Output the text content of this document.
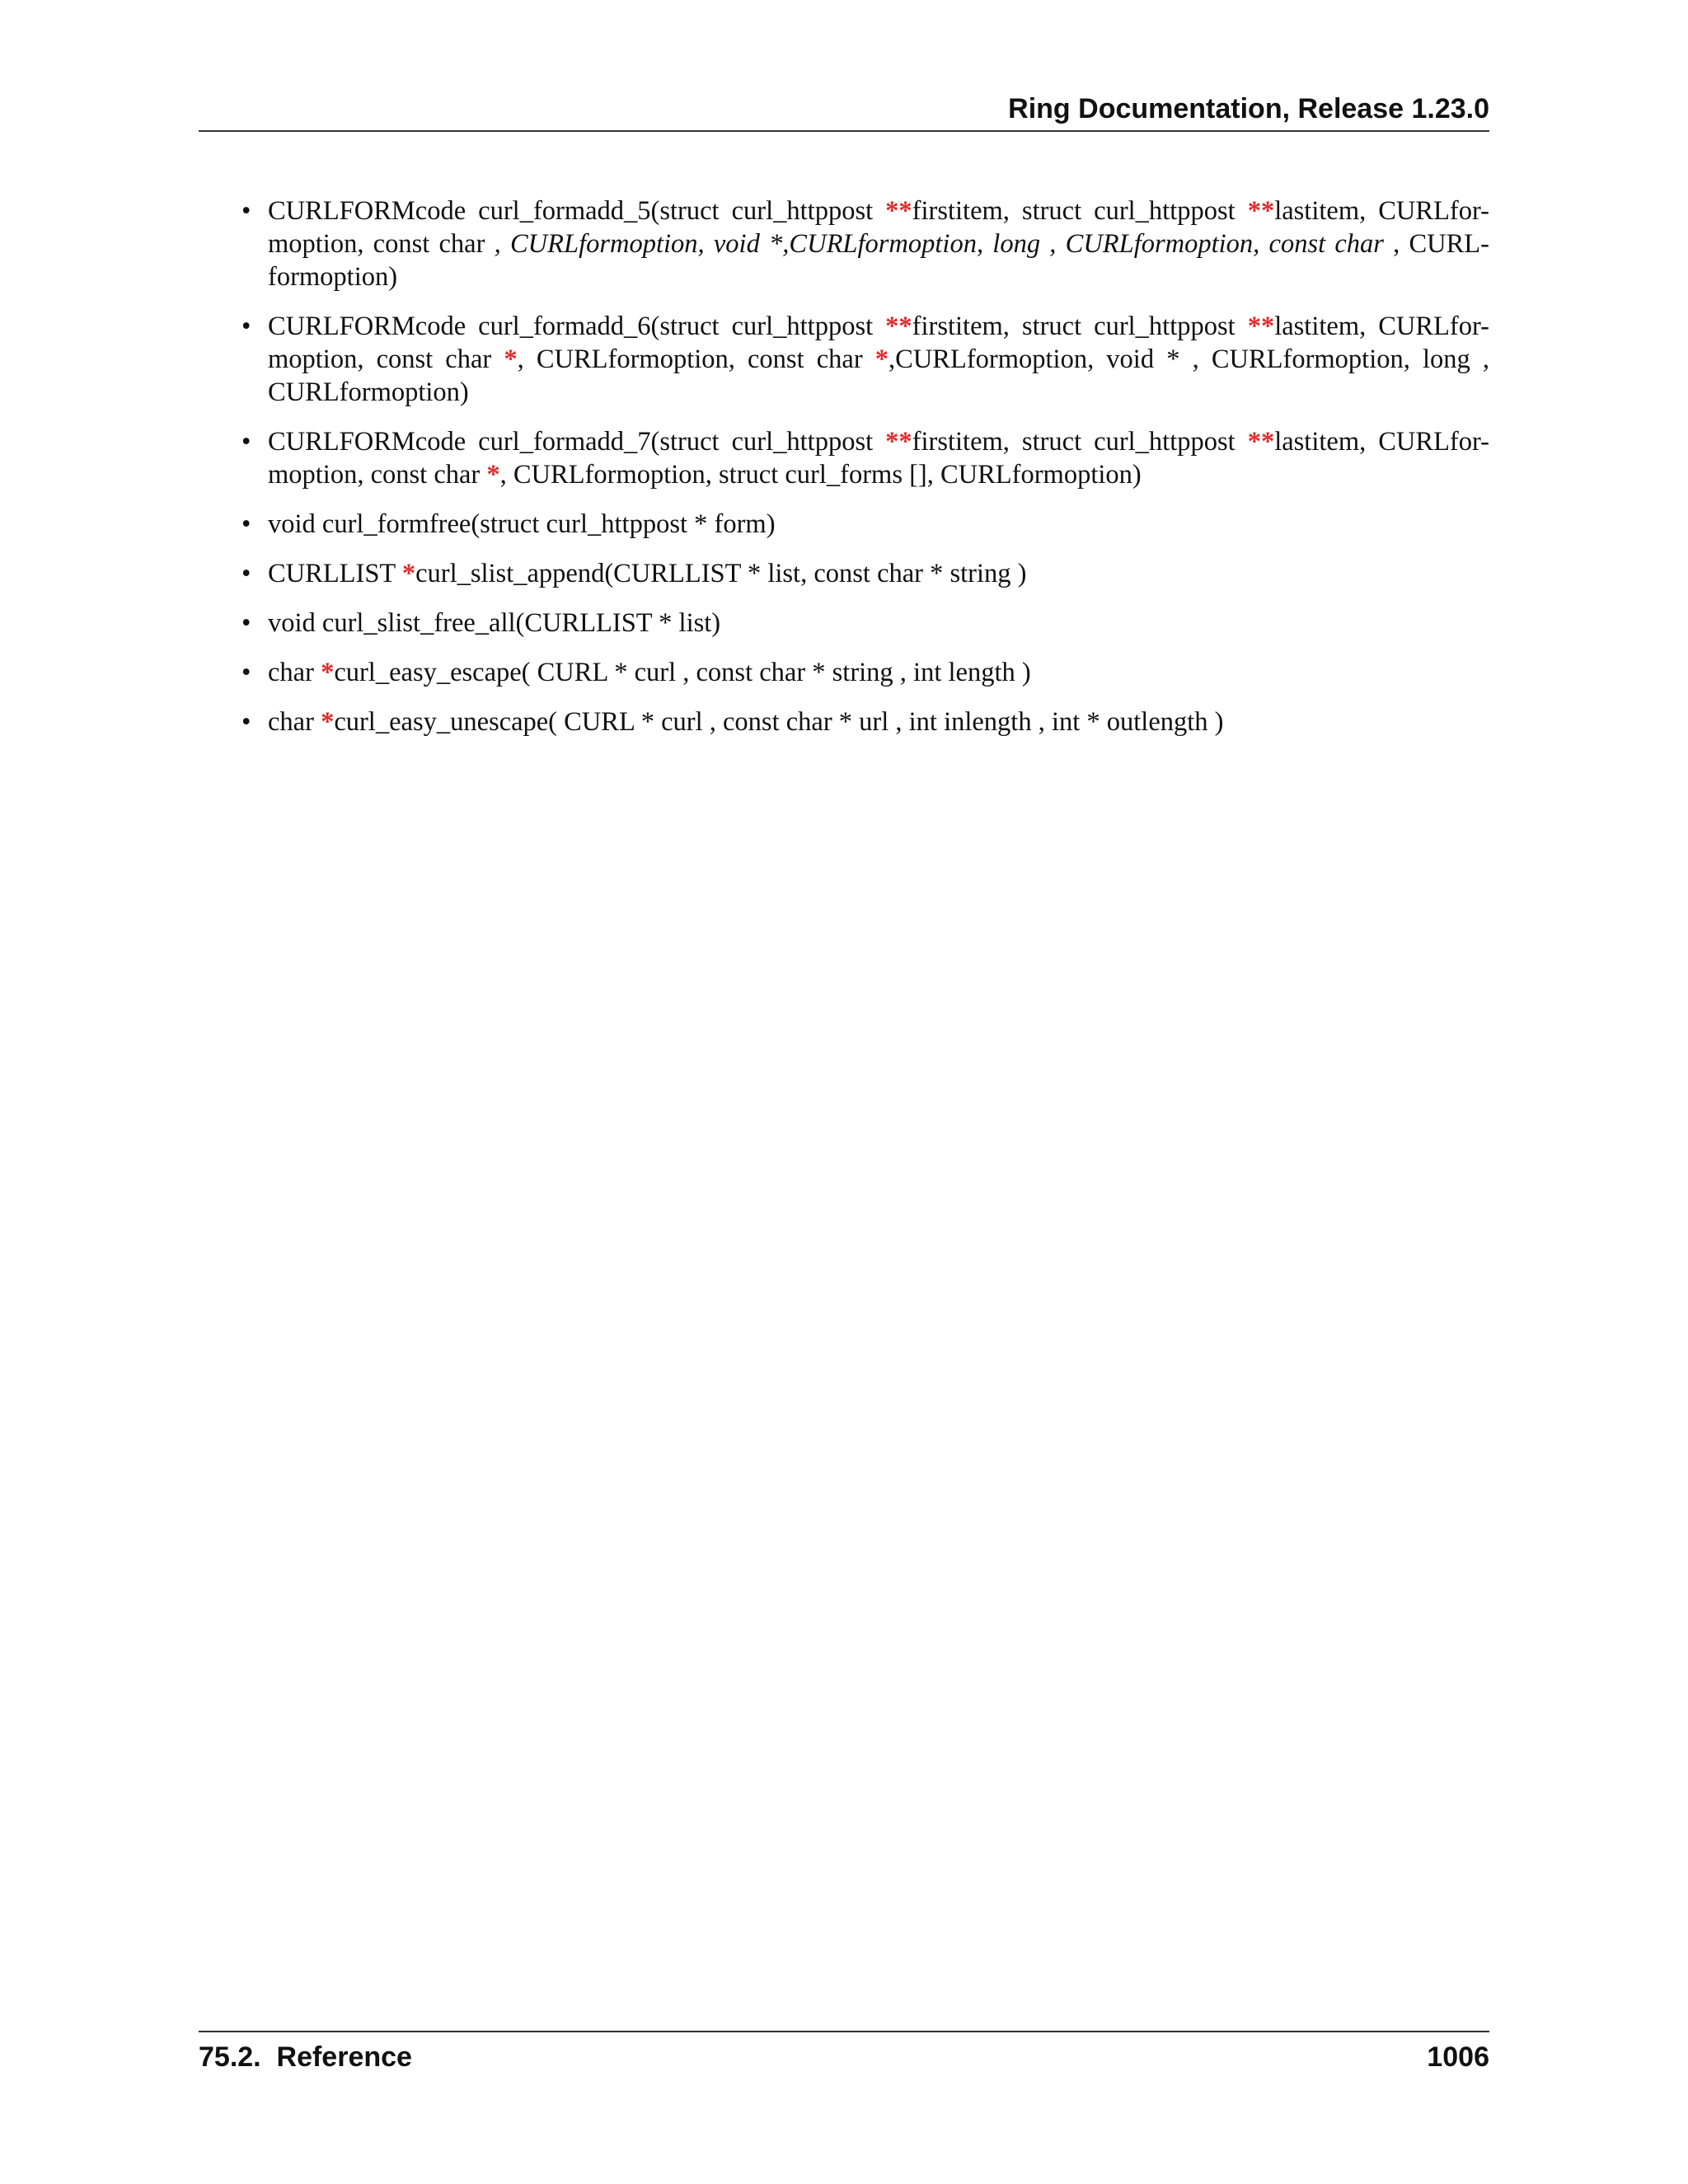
Ring Documentation, Release 1.23.0
• CURLFORMcode curl_formadd_5(struct curl_httppost **firstitem, struct curl_httppost **lastitem, CURLfor-moption, const char , CURLformoption, void *,CURLformoption, long , CURLformoption, const char , CURL-formoption)
• CURLFORMcode curl_formadd_6(struct curl_httppost **firstitem, struct curl_httppost **lastitem, CURLfor-moption, const char *, CURLformoption, const char *,CURLformoption, void * , CURLformoption, long , CURLformoption)
• CURLFORMcode curl_formadd_7(struct curl_httppost **firstitem, struct curl_httppost **lastitem, CURLfor-moption, const char *, CURLformoption, struct curl_forms [], CURLformoption)
• void curl_formfree(struct curl_httppost * form)
• CURLLIST *curl_slist_append(CURLLIST * list, const char * string )
• void curl_slist_free_all(CURLLIST * list)
• char *curl_easy_escape( CURL * curl , const char * string , int length )
• char *curl_easy_unescape( CURL * curl , const char * url , int inlength , int * outlength )
75.2.  Reference	1006
